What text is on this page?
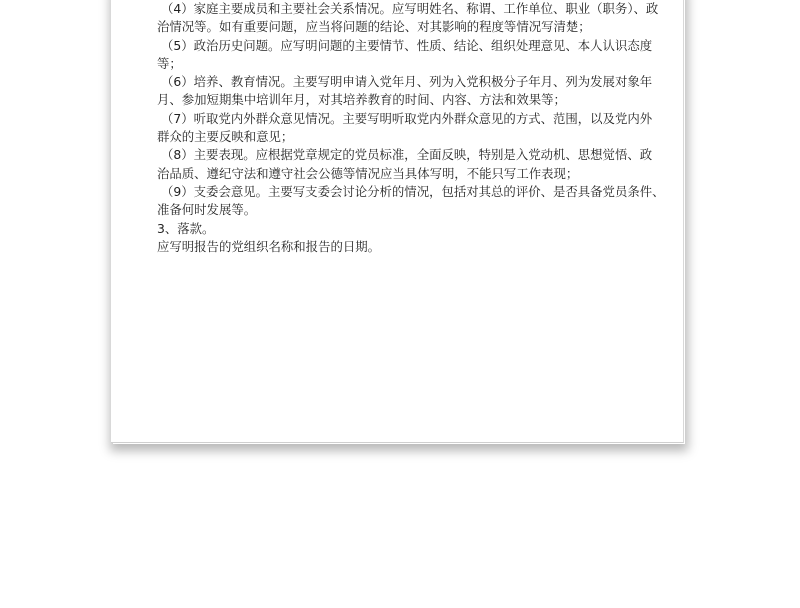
（4）家庭主要成员和主要社会关系情况。应写明姓名、称谓、工作单位、职业（职务）、政
治情况等。如有重要问题，应当将问题的结论、对其影响的程度等情况写清楚；
（5）政治历史问题。应写明问题的主要情节、性质、结论、组织处理意见、本人认识态度
等；
（6）培养、教育情况。主要写明申请入党年月、列为入党积极分子年月、列为发展对象年
月、参加短期集中培训年月，对其培养教育的时间、内容、方法和效果等；
（7）听取党内外群众意见情况。主要写明听取党内外群众意见的方式、范围，以及党内外
群众的主要反映和意见；
（8）主要表现。应根据党章规定的党员标准，全面反映，特别是入党动机、思想觉悟、政
治品质、遵纪守法和遵守社会公德等情况应当具体写明，不能只写工作表现；
（9）支委会意见。主要写支委会讨论分析的情况，包括对其总的评价、是否具备党员条件、
准备何时发展等。
3、落款。
应写明报告的党组织名称和报告的日期。
